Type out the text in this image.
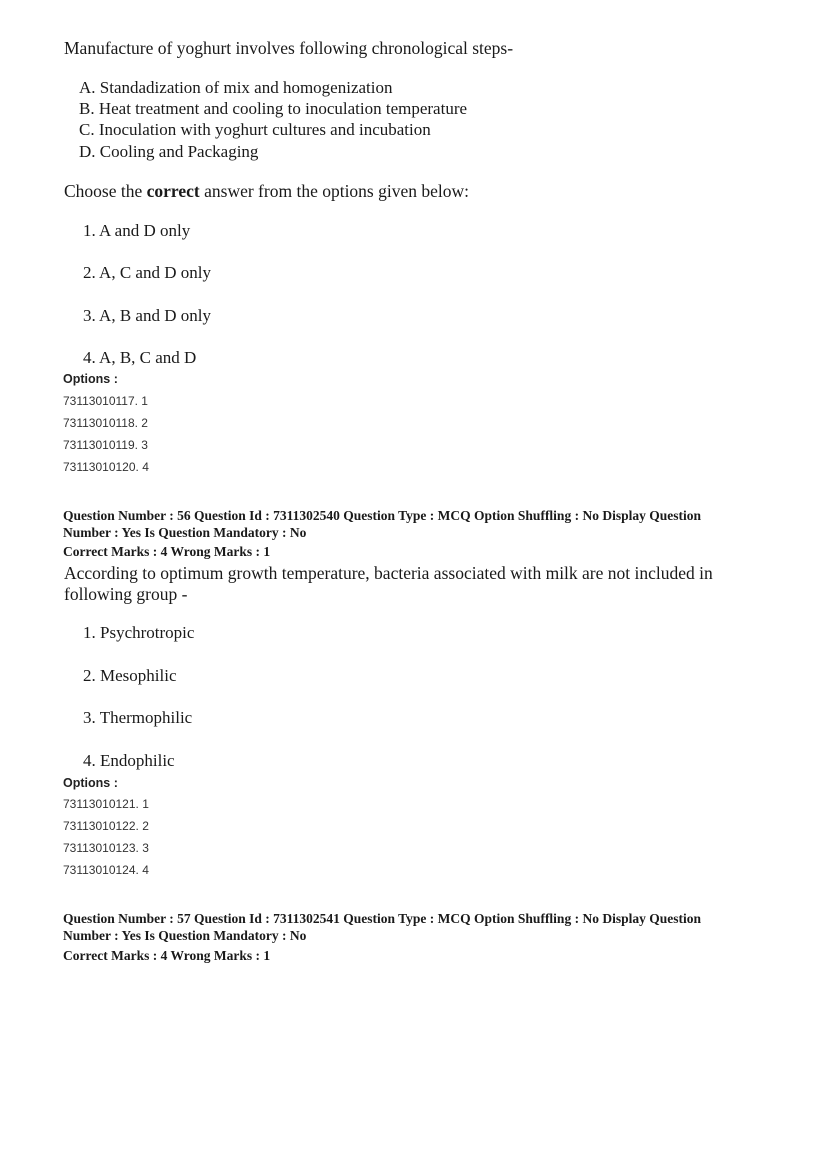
Manufacture of yoghurt involves following chronological steps-
A. Standadization of mix and homogenization
B. Heat treatment and cooling to inoculation temperature
C. Inoculation with yoghurt cultures and incubation
D. Cooling and Packaging
Choose the correct answer from the options given below:
1. A and D only
2. A, C and D only
3. A, B and D only
4. A, B, C and D
Options :
73113010117. 1
73113010118. 2
73113010119. 3
73113010120. 4
Question Number : 56 Question Id : 7311302540 Question Type : MCQ Option Shuffling : No Display Question
Number : Yes Is Question Mandatory : No
Correct Marks : 4 Wrong Marks : 1
According to optimum growth temperature, bacteria associated with milk are not included in
following group -
1. Psychrotropic
2. Mesophilic
3. Thermophilic
4. Endophilic
Options :
73113010121. 1
73113010122. 2
73113010123. 3
73113010124. 4
Question Number : 57 Question Id : 7311302541 Question Type : MCQ Option Shuffling : No Display Question
Number : Yes Is Question Mandatory : No
Correct Marks : 4 Wrong Marks : 1
